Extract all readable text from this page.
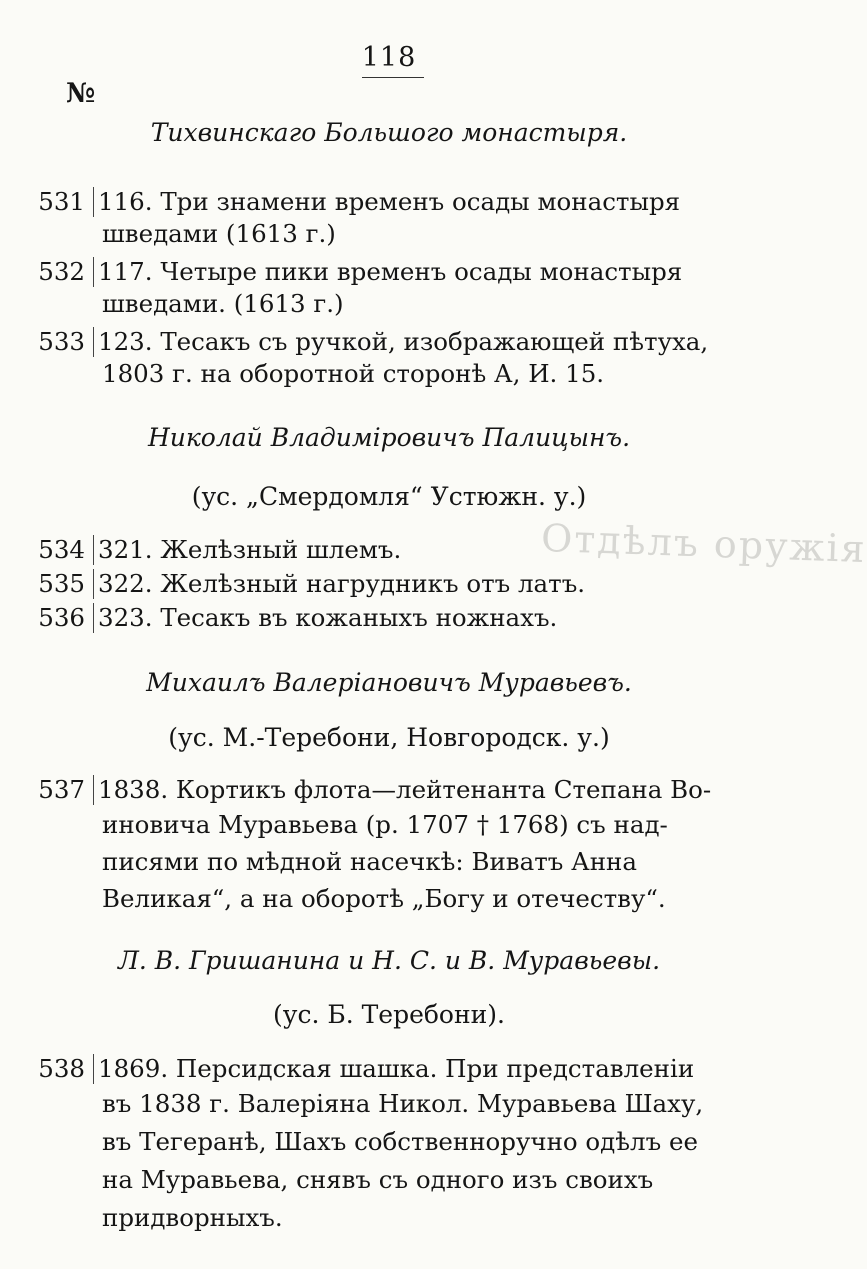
Отдѣлъ оружія
118
№
Тихвинскаго Большого монастыря.
531 116. Три знамени временъ осады монастыря
шведами (1613 г.)
532 117. Четыре пики временъ осады монастыря
шведами. (1613 г.)
533 123. Тесакъ съ ручкой, изображающей пѣтуха,
1803 г. на оборотной сторонѣ А, И. 15.
Николай Владиміровичъ Палицынъ.
(ус. „Смердомля“ Устюжн. у.)
534 321. Желѣзный шлемъ.
535 322. Желѣзный нагрудникъ отъ латъ.
536 323. Тесакъ въ кожаныхъ ножнахъ.
Михаилъ Валеріановичъ Муравьевъ.
(ус. М.-Теребони, Новгородск. у.)
537 1838. Кортикъ флота—лейтенанта Степана Во-
иновича Муравьева (р. 1707 † 1768) съ над-
писями по мѣдной насечкѣ: Виватъ Анна
Великая“, а на оборотѣ „Богу и отечеству“.
Л. В. Гришанина и Н. С. и В. Муравьевы.
(ус. Б. Теребони).
538 1869. Персидская шашка. При представленіи
въ 1838 г. Валеріяна Никол. Муравьева Шаху,
въ Тегеранѣ, Шахъ собственноручно одѣлъ ее
на Муравьева, снявъ съ одного изъ своихъ
придворныхъ.
